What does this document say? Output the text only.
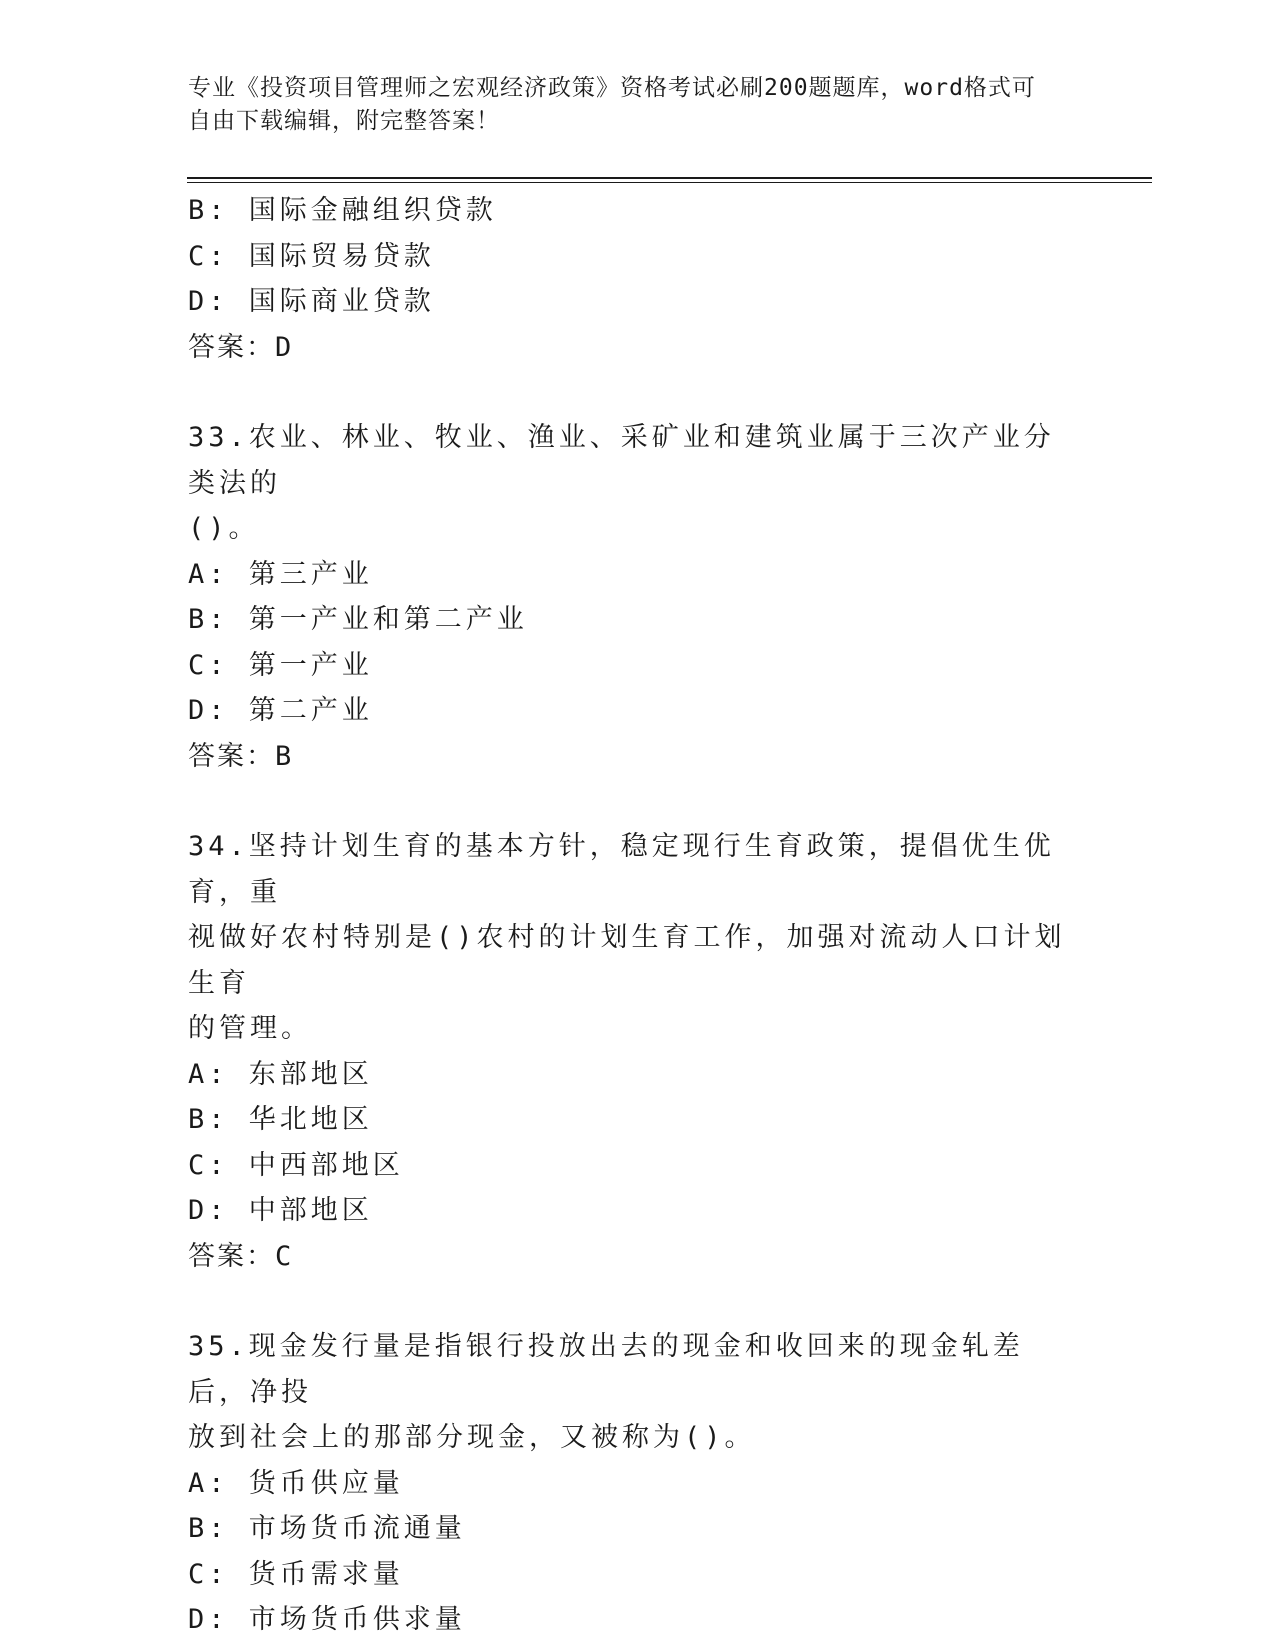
专业《投资项目管理师之宏观经济政策》资格考试必刷200题题库，word格式可
自由下载编辑，附完整答案！
B: 国际金融组织贷款
C: 国际贸易贷款
D: 国际商业贷款
答案：D
33.农业、林业、牧业、渔业、采矿业和建筑业属于三次产业分类法的
()。
A: 第三产业
B: 第一产业和第二产业
C: 第一产业
D: 第二产业
答案：B
34.坚持计划生育的基本方针，稳定现行生育政策，提倡优生优育，重
视做好农村特别是()农村的计划生育工作，加强对流动人口计划生育
的管理。
A: 东部地区
B: 华北地区
C: 中西部地区
D: 中部地区
答案：C
35.现金发行量是指银行投放出去的现金和收回来的现金轧差后，净投
放到社会上的那部分现金，又被称为()。
A: 货币供应量
B: 市场货币流通量
C: 货币需求量
D: 市场货币供求量
